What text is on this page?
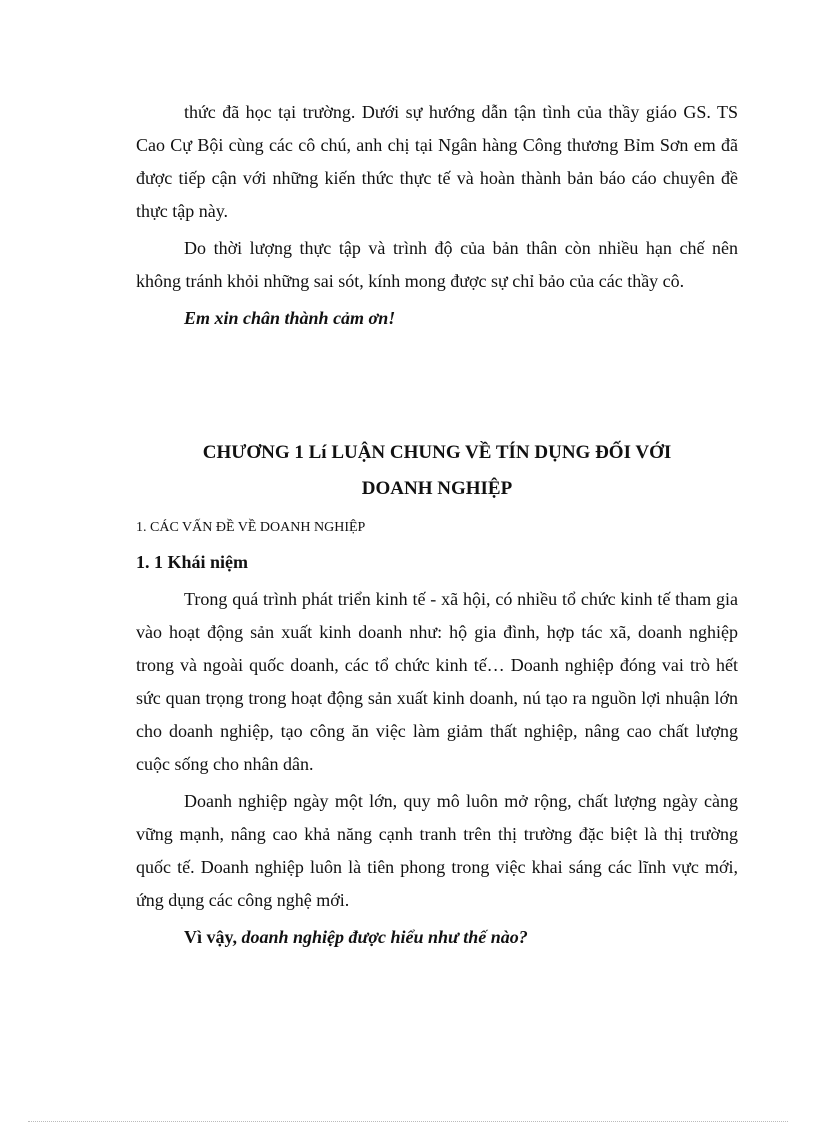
thức đã học tại trường. Dưới sự hướng dẫn tận tình của thầy giáo GS. TS Cao Cự Bội cùng các cô chú, anh chị tại Ngân hàng Công thương Bỉm Sơn em đã được tiếp cận với những kiến thức thực tế và hoàn thành bản báo cáo chuyên đề thực tập này.

Do thời lượng thực tập và trình độ của bản thân còn nhiều hạn chế nên không tránh khỏi những sai sót, kính mong được sự chỉ bảo của các thầy cô.

Em xin chân thành cảm ơn!

CHƯƠNG 1 Lí LUẬN CHUNG VỀ TÍN DỤNG ĐỐI VỚI

DOANH NGHIỆP

1. CÁC VẤN ĐỀ VỀ DOANH NGHIỆP

1. 1 Khái niệm

Trong quá trình phát triển kinh tế - xã hội, có nhiều tổ chức kinh tế tham gia vào hoạt động sản xuất kinh doanh như: hộ gia đình, hợp tác xã, doanh nghiệp trong và ngoài quốc doanh, các tổ chức kinh tế… Doanh nghiệp đóng vai trò hết sức quan trọng trong hoạt động sản xuất kinh doanh, nú tạo ra nguồn lợi nhuận lớn cho doanh nghiệp, tạo công ăn việc làm giảm thất nghiệp, nâng cao chất lượng cuộc sống cho nhân dân.

Doanh nghiệp ngày một lớn, quy mô luôn mở rộng, chất lượng ngày càng vững mạnh, nâng cao khả năng cạnh tranh trên thị trường đặc biệt là thị trường quốc tế. Doanh nghiệp luôn là tiên phong trong việc khai sáng các lĩnh vực mới, ứng dụng các công nghệ mới.

Vì vậy, doanh nghiệp được hiểu như thế nào?
